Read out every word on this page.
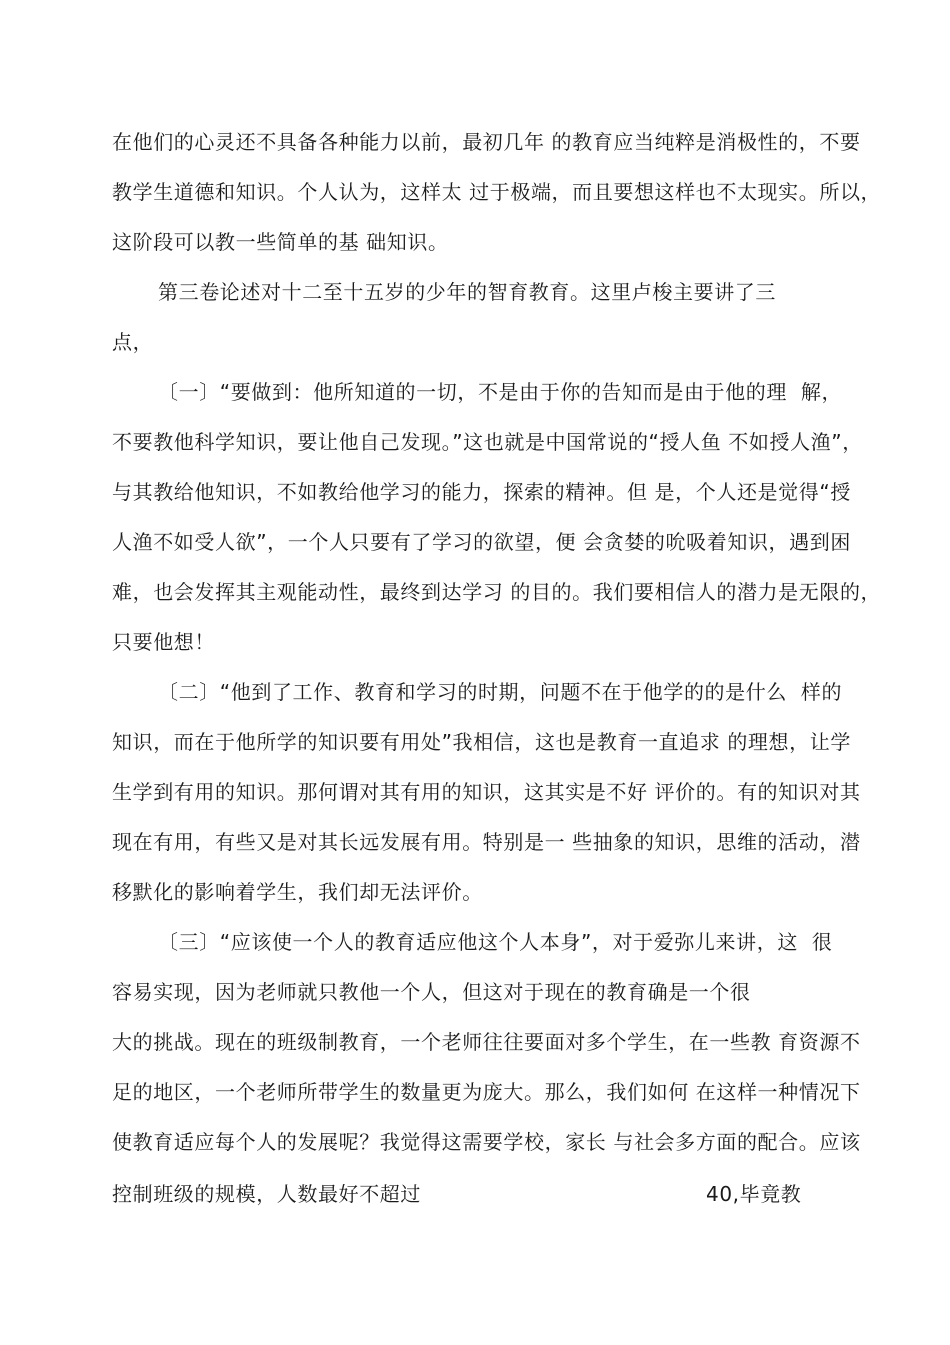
在他们的心灵还不具备各种能力以前，最初几年 的教育应当纯粹是消极性的，不要

教学生道德和知识。个人认为，这样太 过于极端，而且要想这样也不太现实。所以，

这阶段可以教一些简单的基 础知识。

第三卷论述对十二至十五岁的少年的智育教育。这里卢梭主要讲了三

点，

〔一〕“要做到：他所知道的一切，不是由于你的告知而是由于他的理  解，

不要教他科学知识，要让他自己发现。”这也就是中国常说的“授人鱼 不如授人渔”，

与其教给他知识，不如教给他学习的能力，探索的精神。但 是，个人还是觉得“授

人渔不如受人欲”，一个人只要有了学习的欲望，便 会贪婪的吮吸着知识，遇到困

难，也会发挥其主观能动性，最终到达学习 的目的。我们要相信人的潜力是无限的，

只要他想！

〔二〕“他到了工作、教育和学习的时期，问题不在于他学的的是什么  样的

知识，而在于他所学的知识要有用处”我相信，这也是教育一直追求 的理想，让学

生学到有用的知识。那何谓对其有用的知识，这其实是不好 评价的。有的知识对其

现在有用，有些又是对其长远发展有用。特别是一 些抽象的知识，思维的活动，潜

移默化的影响着学生，我们却无法评价。

〔三〕“应该使一个人的教育适应他这个人本身”，对于爱弥儿来讲，这  很

容易实现，因为老师就只教他一个人，但这对于现在的教育确是一个很

大的挑战。现在的班级制教育，一个老师往往要面对多个学生，在一些教 育资源不

足的地区，一个老师所带学生的数量更为庞大。那么，我们如何 在这样一种情况下

使教育适应每个人的发展呢？我觉得这需要学校，家长 与社会多方面的配合。应该

控制班级的规模，人数最好不超过	40,毕竟教
